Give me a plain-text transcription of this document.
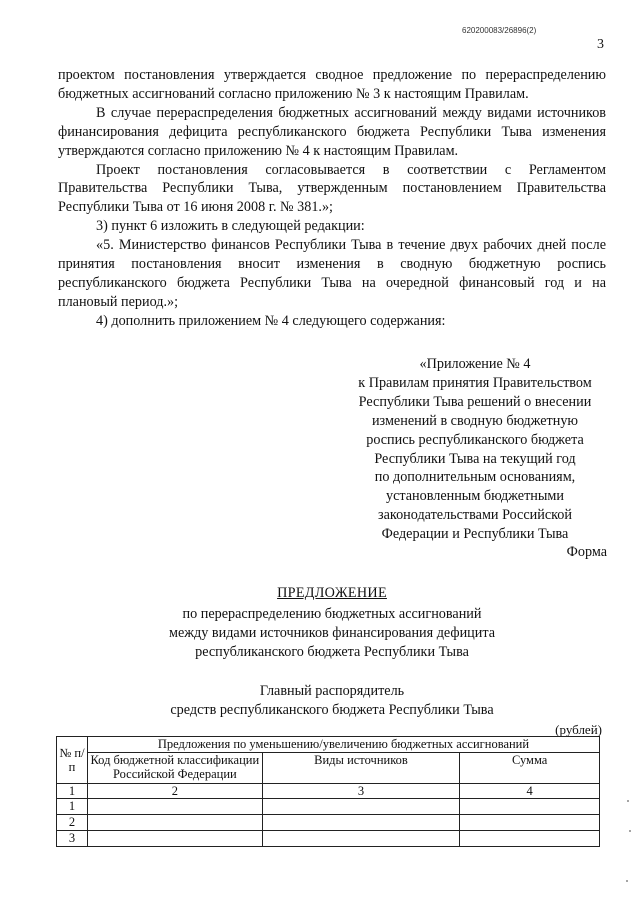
620200083/26896(2)
3

проектом постановления утверждается сводное предложение по перераспределению бюджетных ассигнований согласно приложению № 3 к настоящим Правилам.

В случае перераспределения бюджетных ассигнований между видами источников финансирования дефицита республиканского бюджета Республики Тыва изменения утверждаются согласно приложению № 4 к настоящим Правилам.

Проект постановления согласовывается в соответствии с Регламентом Правительства Республики Тыва, утвержденным постановлением Правительства Республики Тыва от 16 июня 2008 г. № 381.»;

3) пункт 6 изложить в следующей редакции:

«5. Министерство финансов Республики Тыва в течение двух рабочих дней после принятия постановления вносит изменения в сводную бюджетную роспись республиканского бюджета Республики Тыва на очередной финансовый год и на плановый период.»;

4) дополнить приложением № 4 следующего содержания:

«Приложение № 4
к Правилам принятия Правительством
Республики Тыва решений о внесении
изменений в сводную бюджетную
роспись республиканского бюджета
Республики Тыва на текущий год
по дополнительным основаниям,
установленным бюджетными
законодательствами Российской
Федерации и Республики Тыва
Форма
ПРЕДЛОЖЕНИЕ
по перераспределению бюджетных ассигнований
между видами источников финансирования дефицита
республиканского бюджета Республики Тыва
Главный распорядитель
средств республиканского бюджета Республики Тыва
(рублей)
№ п/п	Предложения по уменьшению/увеличению бюджетных ассигнований		
	Код бюджетной классификации Российской Федерации	Виды источников	Сумма
1	2	3	4
1			
2			
3			
